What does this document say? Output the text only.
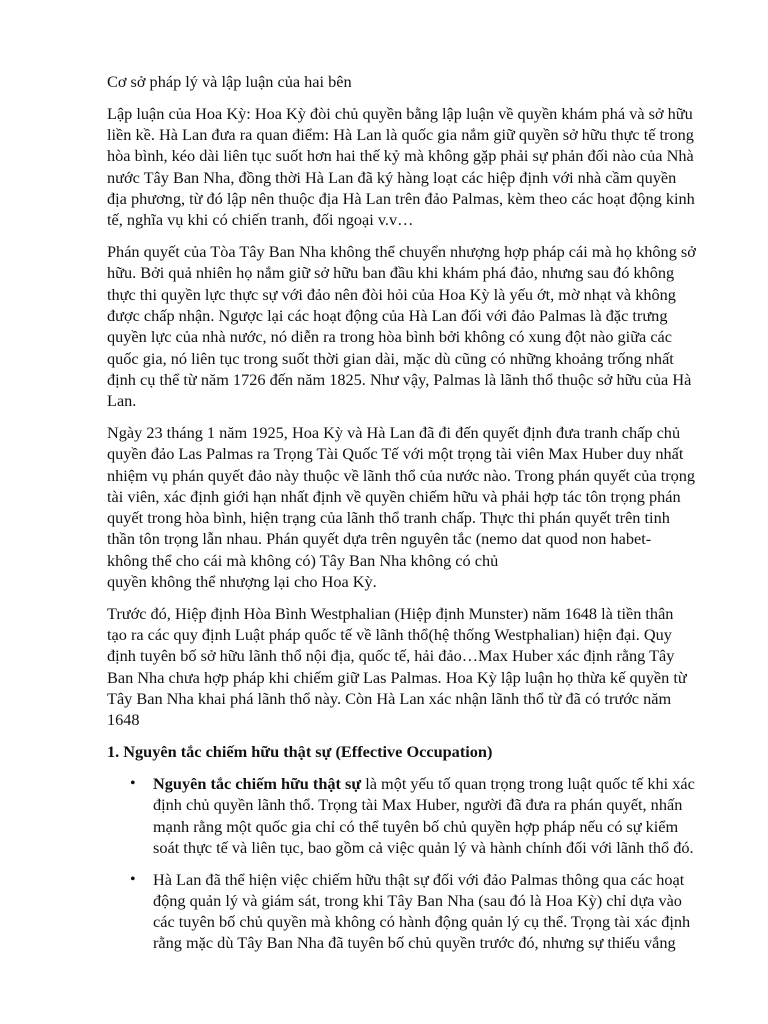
Cơ sở pháp lý và lập luận của hai bên

Lập luận của Hoa Kỳ: Hoa Kỳ đòi chủ quyền bằng lập luận về quyền khám phá và sở hữu
liền kề. Hà Lan đưa ra quan điểm: Hà Lan là quốc gia nắm giữ quyền sở hữu thực tế trong
hòa bình, kéo dài liên tục suốt hơn hai thế kỷ mà không gặp phải sự phản đối nào của Nhà
nước Tây Ban Nha, đồng thời Hà Lan đã ký hàng loạt các hiệp định với nhà cầm quyền
địa phương, từ đó lập nên thuộc địa Hà Lan trên đảo Palmas, kèm theo các hoạt động kinh
tế, nghĩa vụ khi có chiến tranh, đối ngoại v.v…

Phán quyết của Tòa Tây Ban Nha không thể chuyển nhượng hợp pháp cái mà họ không sở
hữu. Bởi quả nhiên họ nắm giữ sở hữu ban đầu khi khám phá đảo, nhưng sau đó không
thực thi quyền lực thực sự với đảo nên đòi hỏi của Hoa Kỳ là yếu ớt, mờ nhạt và không
được chấp nhận. Ngược lại các hoạt động của Hà Lan đối với đảo Palmas là đặc trưng
quyền lực của nhà nước, nó diễn ra trong hòa bình bởi không có xung đột nào giữa các
quốc gia, nó liên tục trong suốt thời gian dài, mặc dù cũng có những khoảng trống nhất
định cụ thể từ năm 1726 đến năm 1825. Như vậy, Palmas là lãnh thổ thuộc sở hữu của Hà
Lan.

Ngày 23 tháng 1 năm 1925, Hoa Kỳ và Hà Lan đã đi đến quyết định đưa tranh chấp chủ
quyền đảo Las Palmas ra Trọng Tài Quốc Tế với một trọng tài viên Max Huber duy nhất
nhiệm vụ phán quyết đảo này thuộc về lãnh thổ của nước nào. Trong phán quyết của trọng
tài viên, xác định giới hạn nhất định về quyền chiếm hữu và phải hợp tác tôn trọng phán
quyết trong hòa bình, hiện trạng của lãnh thổ tranh chấp. Thực thi phán quyết trên tinh
thần tôn trọng lẫn nhau. Phán quyết dựa trên nguyên tắc (nemo dat quod non habet-
không thể cho cái mà không có) Tây Ban Nha không có chủ
quyền không thể nhượng lại cho Hoa Kỳ.

Trước đó, Hiệp định Hòa Bình Westphalian (Hiệp định Munster) năm 1648 là tiền thân
tạo ra các quy định Luật pháp quốc tế về lãnh thổ(hệ thống Westphalian) hiện đại. Quy
định tuyên bố sở hữu lãnh thổ nội địa, quốc tế, hải đảo…Max Huber xác định rằng Tây
Ban Nha chưa hợp pháp khi chiếm giữ Las Palmas. Hoa Kỳ lập luận họ thừa kế quyền từ
Tây Ban Nha khai phá lãnh thổ này. Còn Hà Lan xác nhận lãnh thổ từ đã có trước năm
1648

1. Nguyên tắc chiếm hữu thật sự (Effective Occupation)

• Nguyên tắc chiếm hữu thật sự là một yếu tố quan trọng trong luật quốc tế khi xác
định chủ quyền lãnh thổ. Trọng tài Max Huber, người đã đưa ra phán quyết, nhấn
mạnh rằng một quốc gia chỉ có thể tuyên bố chủ quyền hợp pháp nếu có sự kiểm
soát thực tế và liên tục, bao gồm cả việc quản lý và hành chính đối với lãnh thổ đó.
• Hà Lan đã thể hiện việc chiếm hữu thật sự đối với đảo Palmas thông qua các hoạt
động quản lý và giám sát, trong khi Tây Ban Nha (sau đó là Hoa Kỳ) chỉ dựa vào
các tuyên bố chủ quyền mà không có hành động quản lý cụ thể. Trọng tài xác định
rằng mặc dù Tây Ban Nha đã tuyên bố chủ quyền trước đó, nhưng sự thiếu vắng
